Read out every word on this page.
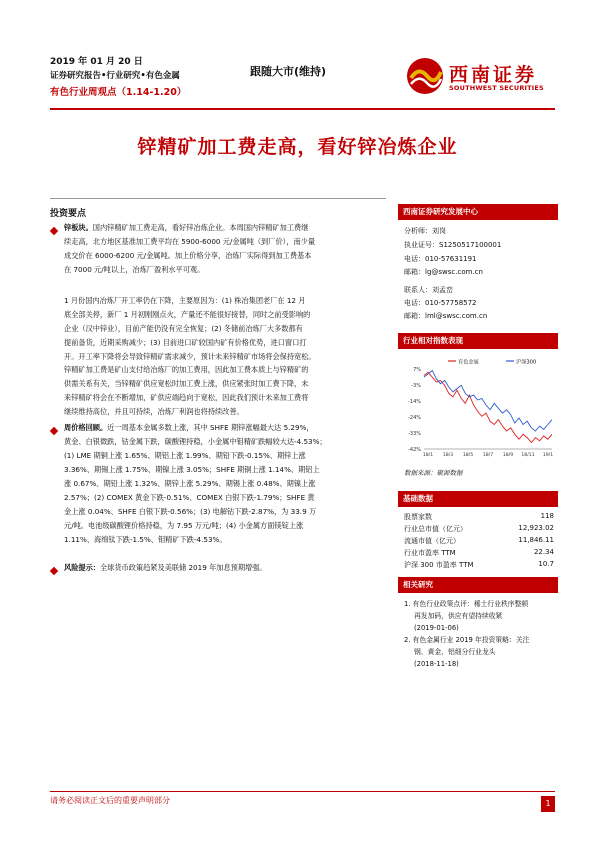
2019 年 01 月 20 日
证券研究报告•行业研究•有色金属
有色行业周观点（1.14-1.20）
跟随大市(维持)	西南证券
SOUTHWEST SECURITIES
锌精矿加工费走高，看好锌冶炼企业
投资要点
锌板块。国内锌精矿加工费走高，看好锌冶炼企业。本周国内锌精矿加工费继
续走高，北方地区基准加工费平均在 5900-6000 元/金属吨（到厂价），南少量
成交价在 6000-6200 元/金属吨。加上价格分享，冶炼厂实际得到加工费基本
在 7000 元/吨以上，冶炼厂盈利水平可观。
1 月份国内冶炼厂开工率仍在下降，主要原因为：(1) 株冶集团老厂在 12 月
底全部关停，新厂 1 月初刚刚点火，产量还不能很好接替，同时之前受影响的
企业（汉中锌业），目前产能仍没有完全恢复；(2) 冬储前冶炼厂大多数都有
提前备货，近期采购减少；(3) 目前进口矿较国内矿有价格优势，进口窗口打
开。开工率下降将会导致锌精矿需求减少，预计未来锌精矿市场将会保持宽松。
锌精矿加工费是矿山支付给冶炼厂的加工费用，因此加工费本质上与锌精矿的
供需关系有关，当锌精矿供应宽松时加工费上涨，供应紧张时加工费下降，未
来锌精矿将会在不断增加，矿供应端趋向于宽松，因此我们预计未来加工费将
继续维持高位，并且可持续，冶炼厂利润也将持续改善。
周价格回顾。近一周基本金属多数上涨，其中 SHFE 期锌涨幅最大达 5.29%，
黄金、白银微跌，钴金属下跌，碳酸锂持稳，小金属中钼精矿跌幅较大达-4.53%；
(1) LME 期铜上涨 1.65%、期铝上涨 1.99%、期铅下跌-0.15%、期锌上涨
3.36%、期锡上涨 1.75%、期镍上涨 3.05%；SHFE 期铜上涨 1.14%、期铝上
涨 0.67%、期铅上涨 1.32%、期锌上涨 5.29%、期锡上涨 0.48%、期镍上涨
2.57%；(2) COMEX 黄金下跌-0.51%、COMEX 白银下跌-1.79%；SHFE 黄
金上涨 0.04%、SHFE 白银下跌-0.56%；(3) 电解钴下跌-2.87%，为 33.9 万
元/吨。电池级碳酸锂价格持稳，为 7.95 万元/吨；(4) 小金属方面镁锭上涨
1.11%、海绵钛下跌-1.5%、钼精矿下跌-4.53%。
风险提示：全球货币政策趋紧及美联储 2019 年加息预期增强。
西南证券研究发展中心
分析师：刘岗
执业证号：S1250517100001
电话：010-57631191
邮箱：lg@swsc.com.cn
联系人：刘孟峦
电话：010-57758572
邮箱：lml@swsc.com.cn
行业相对指数表现
有色金属	沪深300
7%
-3%
-14%
-24%
-33%
-42%
18/1 18/3 18/5 18/7 18/9 18/11 19/1
数据来源：聚源数据
基础数据
股票家数	118
行业总市值（亿元）	12,923.02
流通市值（亿元）	11,846.11
行业市盈率 TTM	22.34
沪深 300 市盈率 TTM	10.7
相关研究
1. 有色行业政策点评：稀土行业秩序整顿
再发加码，供应有望持续收紧
(2019-01-06)
2. 有色金属行业 2019 年投资策略：关注
钢、黄金、铝细分行业龙头
(2018-11-18)
请务必阅读正文后的重要声明部分	1
